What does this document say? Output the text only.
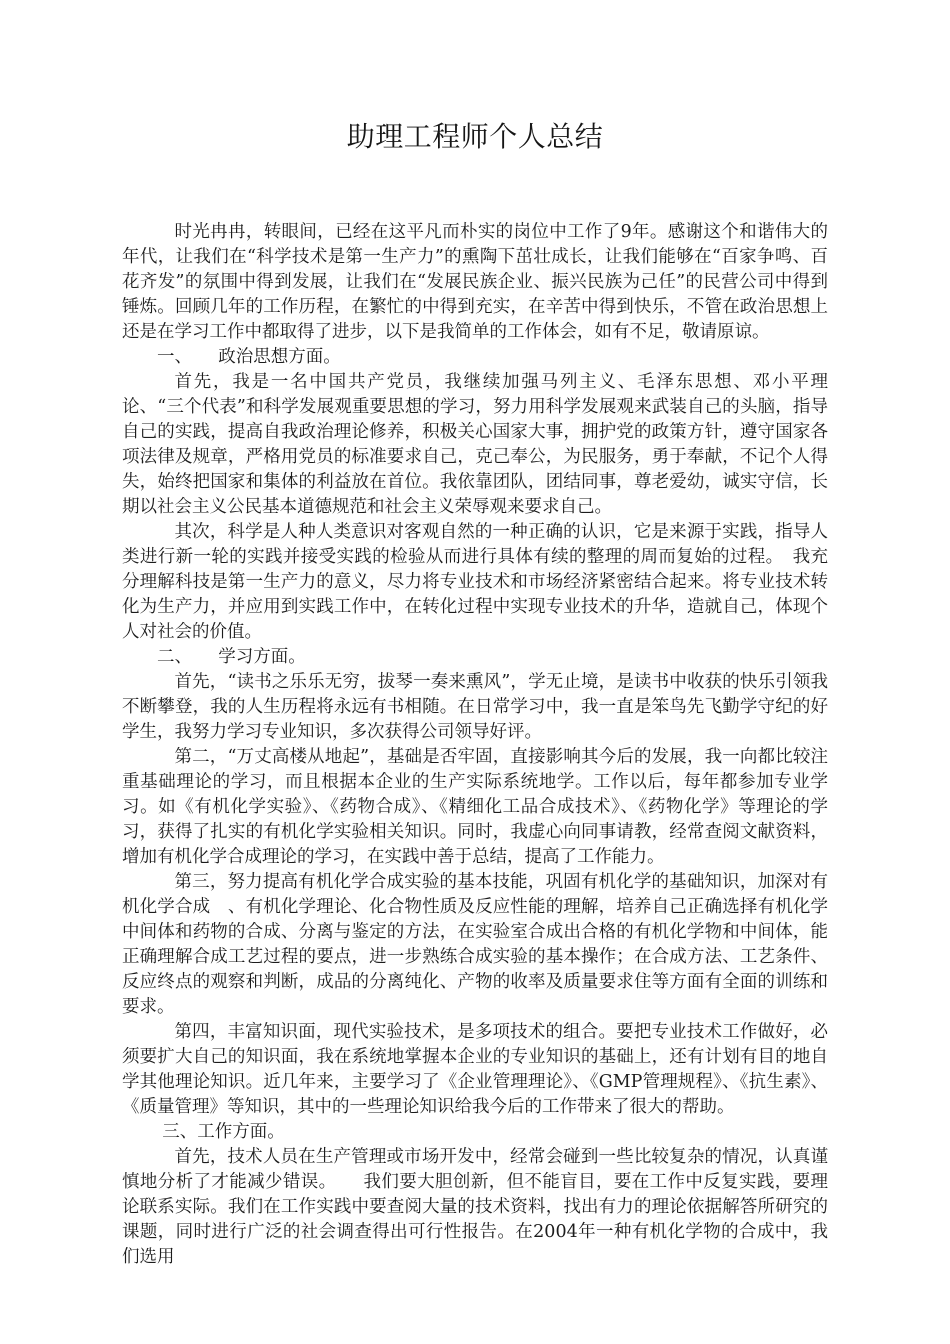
助理工程师个人总结

时光冉冉，转眼间，已经在这平凡而朴实的岗位中工作了9年。感谢这个和谐伟大的年代，让我们在“科学技术是第一生产力”的熏陶下茁壮成长，让我们能够在“百家争鸣、百花齐发”的氛围中得到发展，让我们在“发展民族企业、振兴民族为己任”的民营公司中得到锤炼。回顾几年的工作历程，在繁忙的中得到充实，在辛苦中得到快乐，不管在政治思想上还是在学习工作中都取得了进步，以下是我简单的工作体会，如有不足，敬请原谅。

一、　　政治思想方面。

首先，我是一名中国共产党员，我继续加强马列主义、毛泽东思想、邓小平理论、“三个代表”和科学发展观重要思想的学习，努力用科学发展观来武装自己的头脑，指导自己的实践，提高自我政治理论修养，积极关心国家大事，拥护党的政策方针，遵守国家各项法律及规章，严格用党员的标准要求自己，克己奉公，为民服务，勇于奉献，不记个人得失，始终把国家和集体的利益放在首位。我依靠团队，团结同事，尊老爱幼，诚实守信，长期以社会主义公民基本道德规范和社会主义荣辱观来要求自己。

其次，科学是人种人类意识对客观自然的一种正确的认识，它是来源于实践，指导人类进行新一轮的实践并接受实践的检验从而进行具体有续的整理的周而复始的过程。　我充分理解科技是第一生产力的意义，尽力将专业技术和市场经济紧密结合起来。将专业技术转化为生产力，并应用到实践工作中，在转化过程中实现专业技术的升华，造就自己，体现个人对社会的价值。

二、　　学习方面。

首先，“读书之乐乐无穷，拔琴一奏来熏风”，学无止境，是读书中收获的快乐引领我不断攀登，我的人生历程将永远有书相随。在日常学习中，我一直是笨鸟先飞勤学守纪的好学生，我努力学习专业知识，多次获得公司领导好评。

第二，“万丈高楼从地起”，基础是否牢固，直接影响其今后的发展，我一向都比较注重基础理论的学习，而且根据本企业的生产实际系统地学。工作以后，每年都参加专业学习。如《有机化学实验》、《药物合成》、《精细化工品合成技术》、《药物化学》等理论的学习，获得了扎实的有机化学实验相关知识。同时，我虚心向同事请教，经常查阅文献资料，增加有机化学合成理论的学习，在实践中善于总结，提高了工作能力。

第三，努力提高有机化学合成实验的基本技能，巩固有机化学的基础知识，加深对有机化学合成　、有机化学理论、化合物性质及反应性能的理解，培养自己正确选择有机化学中间体和药物的合成、分离与鉴定的方法，在实验室合成出合格的有机化学物和中间体，能正确理解合成工艺过程的要点，进一步熟练合成实验的基本操作；在合成方法、工艺条件、反应终点的观察和判断，成品的分离纯化、产物的收率及质量要求住等方面有全面的训练和要求。

第四，丰富知识面，现代实验技术，是多项技术的组合。要把专业技术工作做好，必须要扩大自己的知识面，我在系统地掌握本企业的专业知识的基础上，还有计划有目的地自学其他理论知识。近几年来，主要学习了《企业管理理论》、《GMP管理规程》、《抗生素》、《质量管理》等知识，其中的一些理论知识给我今后的工作带来了很大的帮助。

三、工作方面。

首先，技术人员在生产管理或市场开发中，经常会碰到一些比较复杂的情况，认真谨慎地分析了才能减少错误。　　我们要大胆创新，但不能盲目，要在工作中反复实践，要理论联系实际。我们在工作实践中要查阅大量的技术资料，找出有力的理论依据解答所研究的课题，同时进行广泛的社会调查得出可行性报告。在2004年一种有机化学物的合成中，我们选用
